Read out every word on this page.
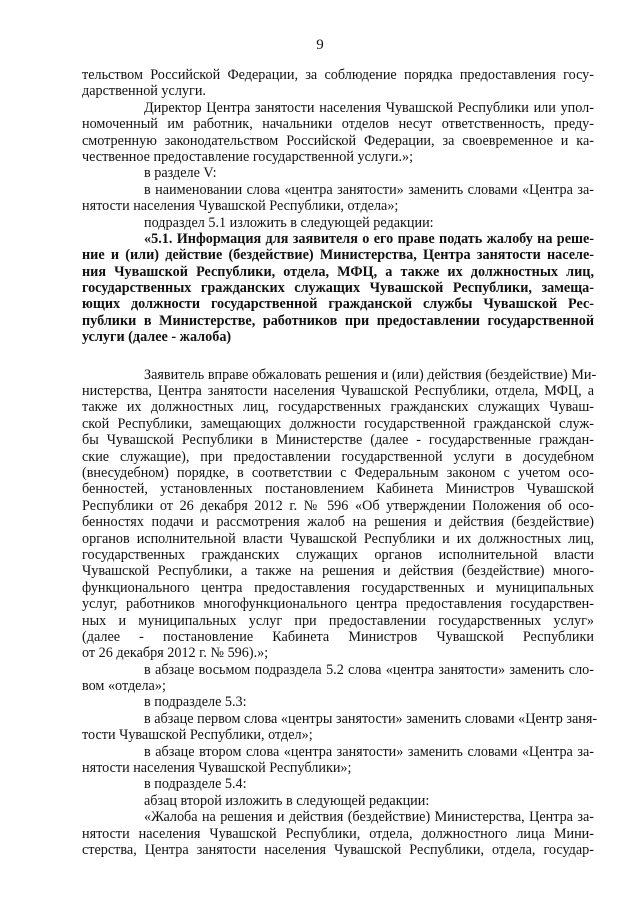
9
тельством Российской Федерации, за соблюдение порядка предоставления госу-
дарственной услуги.
Директор Центра занятости населения Чувашской Республики или упол-
номоченный им работник, начальники отделов несут ответственность, преду-
смотренную законодательством Российской Федерации, за своевременное и ка-
чественное предоставление государственной услуги.»;
в разделе V:
в наименовании слова «центра занятости» заменить словами «Центра за-
нятости населения Чувашской Республики, отдела»;
подраздел 5.1 изложить в следующей редакции:
«5.1. Информация для заявителя о его праве подать жалобу на реше-
ние и (или) действие (бездействие) Министерства, Центра занятости населе-
ния Чувашской Республики, отдела, МФЦ, а также их должностных лиц,
государственных гражданских служащих Чувашской Республики, замеща-
ющих должности государственной гражданской службы Чувашской Рес-
публики в Министерстве, работников при предоставлении государственной
услуги (далее - жалоба)
Заявитель вправе обжаловать решения и (или) действия (бездействие) Ми-
нистерства, Центра занятости населения Чувашской Республики, отдела, МФЦ, а
также их должностных лиц, государственных гражданских служащих Чуваш-
ской Республики, замещающих должности государственной гражданской служ-
бы Чувашской Республики в Министерстве (далее - государственные граждан-
ские служащие), при предоставлении государственной услуги в досудебном
(внесудебном) порядке, в соответствии с Федеральным законом с учетом осо-
бенностей, установленных постановлением Кабинета Министров Чувашской
Республики от 26 декабря 2012 г. № 596 «Об утверждении Положения об осо-
бенностях подачи и рассмотрения жалоб на решения и действия (бездействие)
органов исполнительной власти Чувашской Республики и их должностных лиц,
государственных гражданских служащих органов исполнительной власти
Чувашской Республики, а также на решения и действия (бездействие) много-
функционального центра предоставления государственных и муниципальных
услуг, работников многофункционального центра предоставления государствен-
ных и муниципальных услуг при предоставлении государственных услуг»
(далее - постановление Кабинета Министров Чувашской Республики
от 26 декабря 2012 г. № 596).»;
в абзаце восьмом подраздела 5.2 слова «центра занятости» заменить сло-
вом «отдела»;
в подразделе 5.3:
в абзаце первом слова «центры занятости» заменить словами «Центр заня-
тости Чувашской Республики, отдел»;
в абзаце втором слова «центра занятости» заменить словами «Центра за-
нятости населения Чувашской Республики»;
в подразделе 5.4:
абзац второй изложить в следующей редакции:
«Жалоба на решения и действия (бездействие) Министерства, Центра за-
нятости населения Чувашской Республики, отдела, должностного лица Мини-
стерства, Центра занятости населения Чувашской Республики, отдела, государ-
